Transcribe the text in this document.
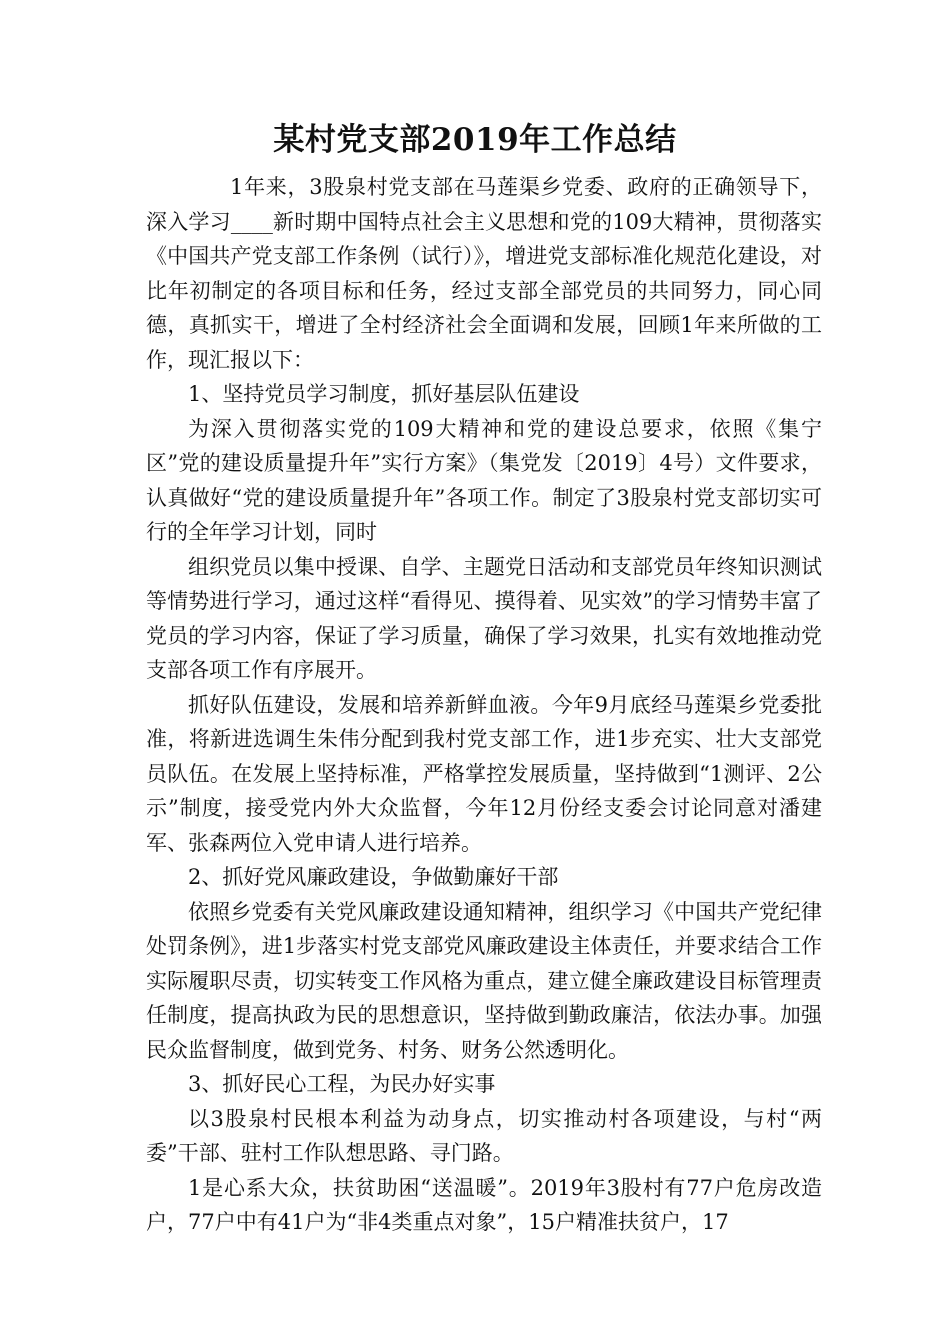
某村党支部2019年工作总结

1年来，3股泉村党支部在马莲渠乡党委、政府的正确领导下，深入学习____新时期中国特点社会主义思想和党的109大精神，贯彻落实《中国共产党支部工作条例（试行）》，增进党支部标准化规范化建设，对比年初制定的各项目标和任务，经过支部全部党员的共同努力，同心同德，真抓实干，增进了全村经济社会全面调和发展，回顾1年来所做的工作，现汇报以下：

1、坚持党员学习制度，抓好基层队伍建设

为深入贯彻落实党的109大精神和党的建设总要求，依照《集宁区”党的建设质量提升年”实行方案》（集党发〔2019〕4号）文件要求，认真做好“党的建设质量提升年”各项工作。制定了3股泉村党支部切实可行的全年学习计划，同时

组织党员以集中授课、自学、主题党日活动和支部党员年终知识测试等情势进行学习，通过这样“看得见、摸得着、见实效”的学习情势丰富了党员的学习内容，保证了学习质量，确保了学习效果，扎实有效地推动党支部各项工作有序展开。

抓好队伍建设，发展和培养新鲜血液。今年9月底经马莲渠乡党委批准，将新进选调生朱伟分配到我村党支部工作，进1步充实、壮大支部党员队伍。在发展上坚持标准，严格掌控发展质量，坚持做到“1测评、2公示”制度，接受党内外大众监督，今年12月份经支委会讨论同意对潘建军、张森两位入党申请人进行培养。

2、抓好党风廉政建设，争做勤廉好干部

依照乡党委有关党风廉政建设通知精神，组织学习《中国共产党纪律处罚条例》，进1步落实村党支部党风廉政建设主体责任，并要求结合工作实际履职尽责，切实转变工作风格为重点，建立健全廉政建设目标管理责任制度，提高执政为民的思想意识，坚持做到勤政廉洁，依法办事。加强民众监督制度，做到党务、村务、财务公然透明化。

3、抓好民心工程，为民办好实事

以3股泉村民根本利益为动身点，切实推动村各项建设，与村“两委”干部、驻村工作队想思路、寻门路。

1是心系大众，扶贫助困“送温暖”。2019年3股村有77户危房改造户，77户中有41户为“非4类重点对象”，15户精准扶贫户，17
